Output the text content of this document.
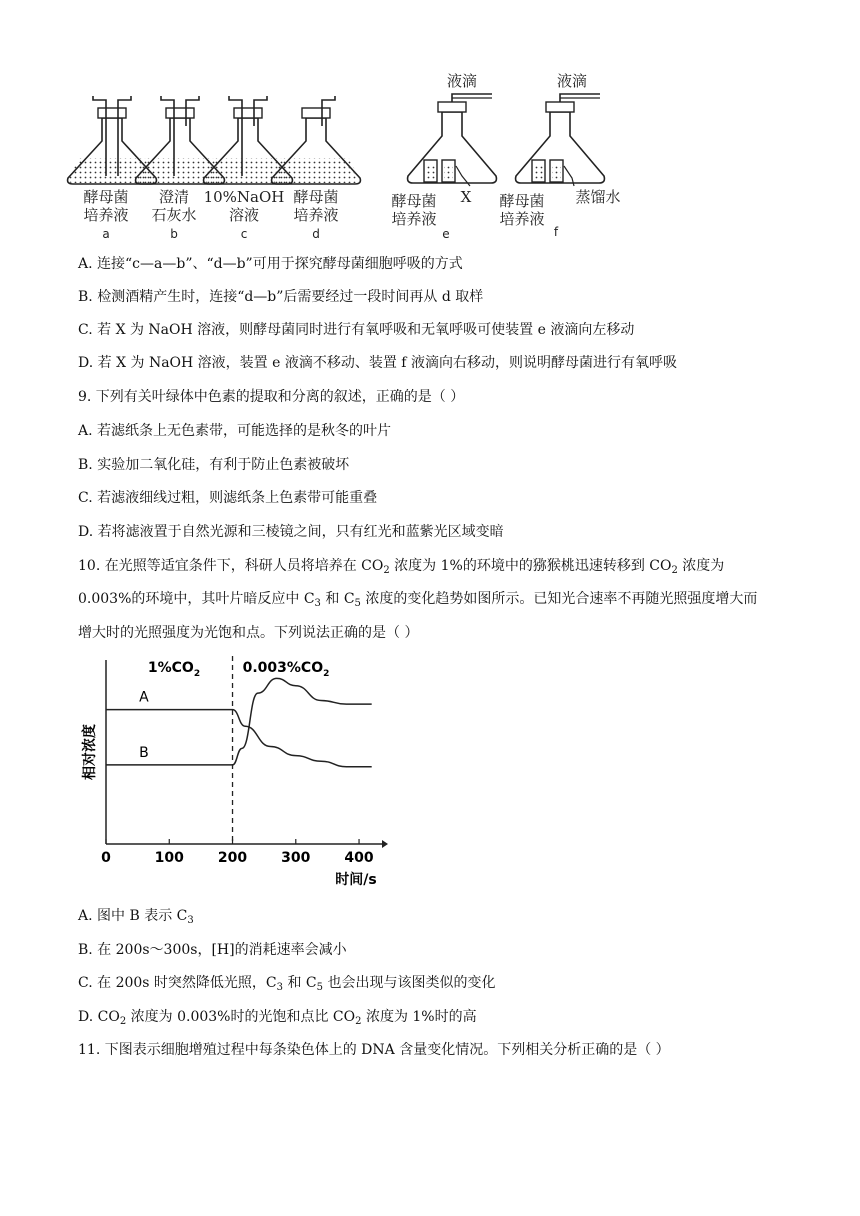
酵母菌
培养液
a
澄清
石灰水
b
10%NaOH
溶液
c
酵母菌
培养液
d
液滴
酵母菌
培养液
X
e
液滴
酵母菌
培养液
蒸馏水
f
A. 连接“c—a—b”、“d—b”可用于探究酵母菌细胞呼吸的方式
B. 检测酒精产生时，连接“d—b”后需要经过一段时间再从 d 取样
C. 若 X 为 NaOH 溶液，则酵母菌同时进行有氧呼吸和无氧呼吸可使装置 e 液滴向左移动
D. 若 X 为 NaOH 溶液，装置 e 液滴不移动、装置 f 液滴向右移动，则说明酵母菌进行有氧呼吸
9. 下列有关叶绿体中色素的提取和分离的叙述，正确的是（ ）
A. 若滤纸条上无色素带，可能选择的是秋冬的叶片
B. 实验加二氧化硅，有利于防止色素被破坏
C. 若滤液细线过粗，则滤纸条上色素带可能重叠
D. 若将滤液置于自然光源和三棱镜之间，只有红光和蓝紫光区域变暗
10. 在光照等适宜条件下，科研人员将培养在 $CO_2$ 浓度为 1%的环境中的猕猴桃迅速转移到 $CO_2$ 浓度为
0.003%的环境中，其叶片暗反应中 $C_3$ 和 $C_5$ 浓度的变化趋势如图所示。已知光合速率不再随光照强度增大而
增大时的光照强度为光饱和点。下列说法正确的是（ ）
$1\%CO_2$	$0.003\%CO_2$
相对浓度
时间/s
0	100 200 300 400
A
B
A. 图中 B 表示 $C_3$
B. 在 200s～300s，[H]的消耗速率会减小
C. 在 200s 时突然降低光照，$C_3$ 和 $C_5$ 也会出现与该图类似的变化
D. $CO_2$ 浓度为 0.003%时的光饱和点比 $CO_2$ 浓度为 1%时的高
11. 下图表示细胞增殖过程中每条染色体上的 DNA 含量变化情况。下列相关分析正确的是（ ）
